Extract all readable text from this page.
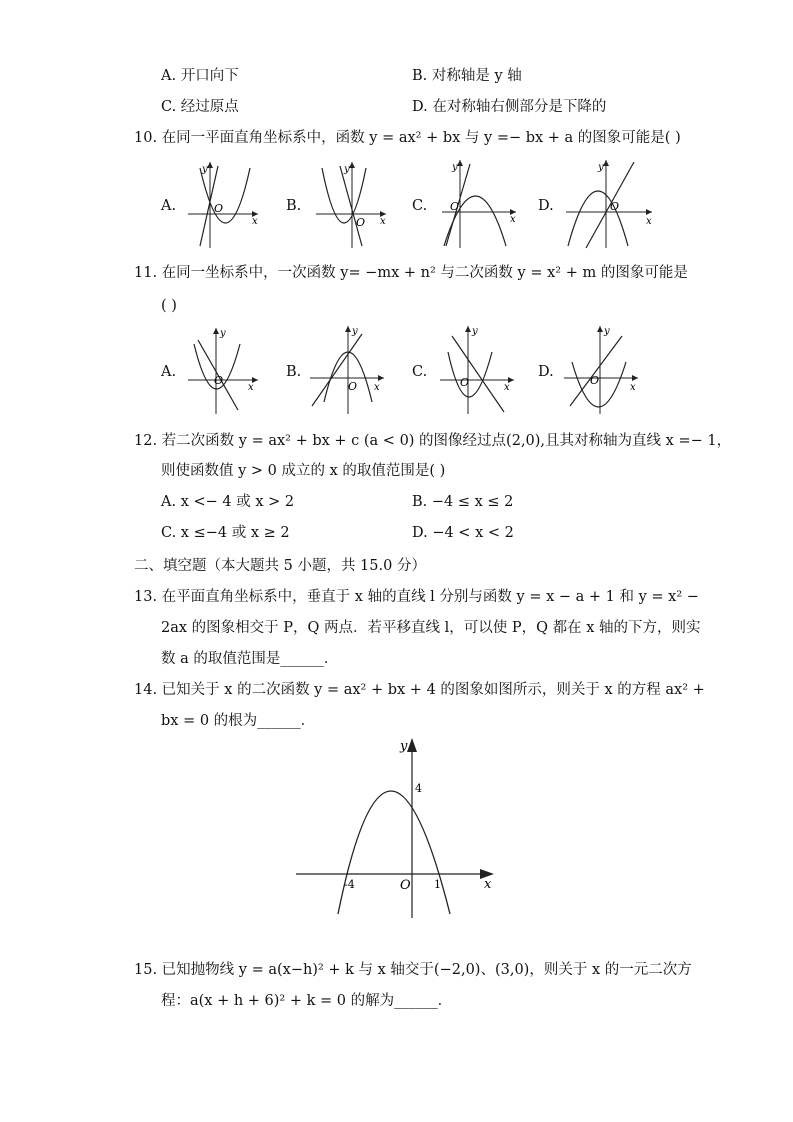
A. 开口向下	B. 对称轴是 y 轴
C. 经过原点	D. 在对称轴右侧部分是下降的
10. 在同一平面直角坐标系中，函数 y = ax² + bx 与 y =− bx + a 的图象可能是( )
A.
y
x
O	B.
y
x
O
C.
y
x
O	D.
y
x
O
11. 在同一坐标系中，一次函数 y= −mx + n² 与二次函数 y = x² + m 的图象可能是
( )
A.
y
x
O
B.
y
x
O
C.
y
x
O
D.
y
x
O
12. 若二次函数 y = ax² + bx + c (a < 0) 的图像经过点(2,0),且其对称轴为直线 x =− 1，
则使函数值 y > 0 成立的 x 的取值范围是( )
A. x <− 4 或 x > 2	B. −4 ≤ x ≤ 2
C. x ≤−4 或 x ≥ 2	D. −4 < x < 2
二、填空题（本大题共 5 小题，共 15.0 分）
13. 在平面直角坐标系中，垂直于 x 轴的直线 l 分别与函数 y = x − a + 1 和 y = x² −
2ax 的图象相交于 P，Q 两点．若平移直线 l，可以使 P，Q 都在 x 轴的下方，则实
数 a 的取值范围是______．
14. 已知关于 x 的二次函数 y = ax² + bx + 4 的图象如图所示，则关于 x 的方程 ax² +
bx = 0 的根为______．
y
x
O
4
-4	1
15. 已知抛物线 y = a(x−h)² + k 与 x 轴交于(−2,0)、(3,0)，则关于 x 的一元二次方
程：a(x + h + 6)² + k = 0 的解为______．
